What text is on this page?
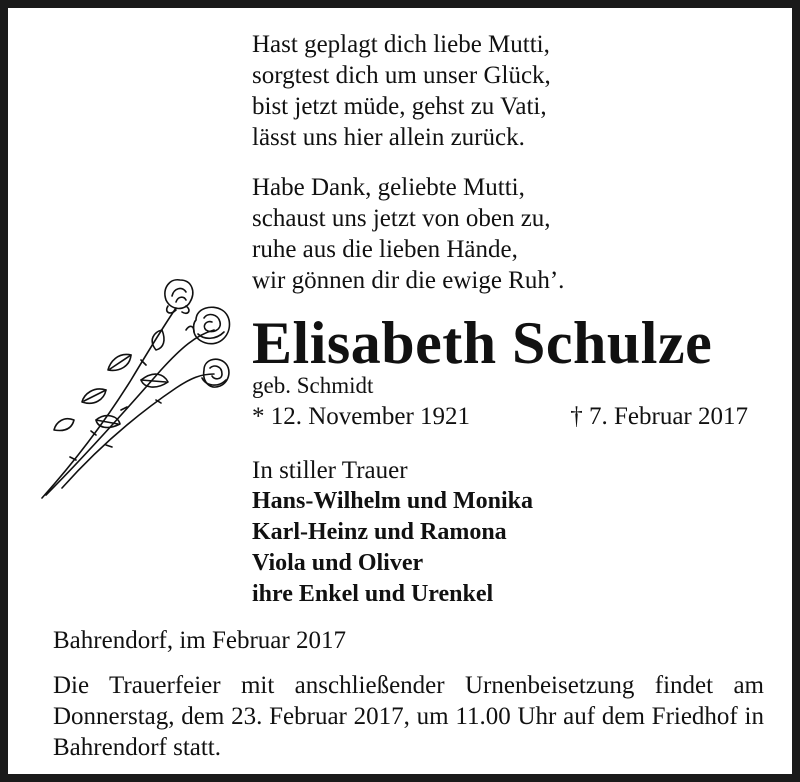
Hast geplagt dich liebe Mutti,
sorgtest dich um unser Glück,
bist jetzt müde, gehst zu Vati,
lässt uns hier allein zurück.
Habe Dank, geliebte Mutti,
schaust uns jetzt von oben zu,
ruhe aus die lieben Hände,
wir gönnen dir die ewige Ruh’.
Elisabeth Schulze
geb. Schmidt
* 12. November 1921	† 7. Februar 2017
In stiller Trauer
Hans-Wilhelm und Monika
Karl-Heinz und Ramona
Viola und Oliver
ihre Enkel und Urenkel
Bahrendorf, im Februar 2017
Die Trauerfeier mit anschließender Urnenbeisetzung findet am Donnerstag, dem 23. Februar 2017, um 11.00 Uhr auf dem Friedhof in Bahrendorf statt.
